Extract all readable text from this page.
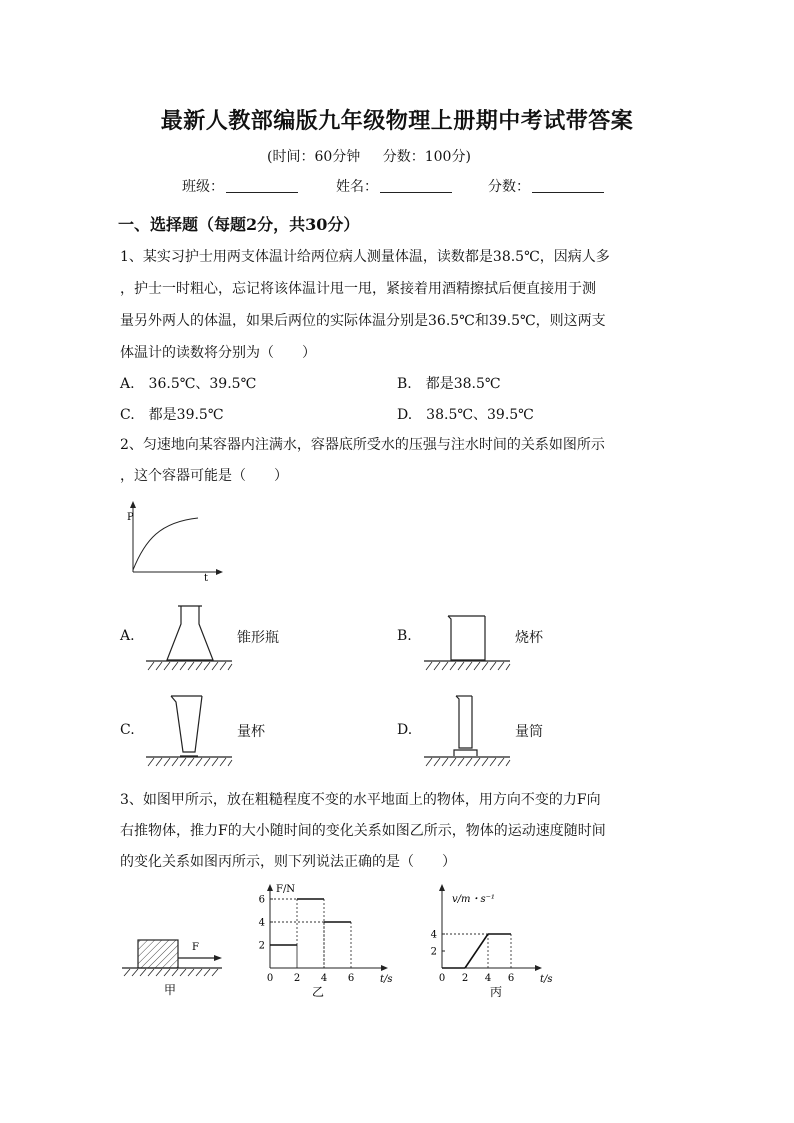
最新人教部编版九年级物理上册期中考试带答案
(时间：60分钟 分数：100分)
班级：	姓名：	分数：
一、选择题（每题2分，共30分）
1、某实习护士用两支体温计给两位病人测量体温，读数都是38.5℃，因病人多
，护士一时粗心，忘记将该体温计甩一甩，紧接着用酒精擦拭后便直接用于测
量另外两人的体温，如果后两位的实际体温分别是36.5℃和39.5℃，则这两支
体温计的读数将分别为（　　）
A.　36.5℃、39.5℃	B.　都是38.5℃
C.　都是39.5℃	D.　38.5℃、39.5℃
2、匀速地向某容器内注满水，容器底所受水的压强与注水时间的关系如图所示
，这个容器可能是（　　）
P
t
A.	锥形瓶	B.	烧杯
C.	量杯	D.	量筒
3、如图甲所示，放在粗糙程度不变的水平地面上的物体，用方向不变的力F向
右推物体，推力F的大小随时间的变化关系如图乙所示，物体的运动速度随时间
的变化关系如图丙所示，则下列说法正确的是（　　）
F
甲
F/N
t/s
2
4
6
0 2 4 6
乙
v/m・s⁻¹
t/s
2
4
0 2 4 6
丙
